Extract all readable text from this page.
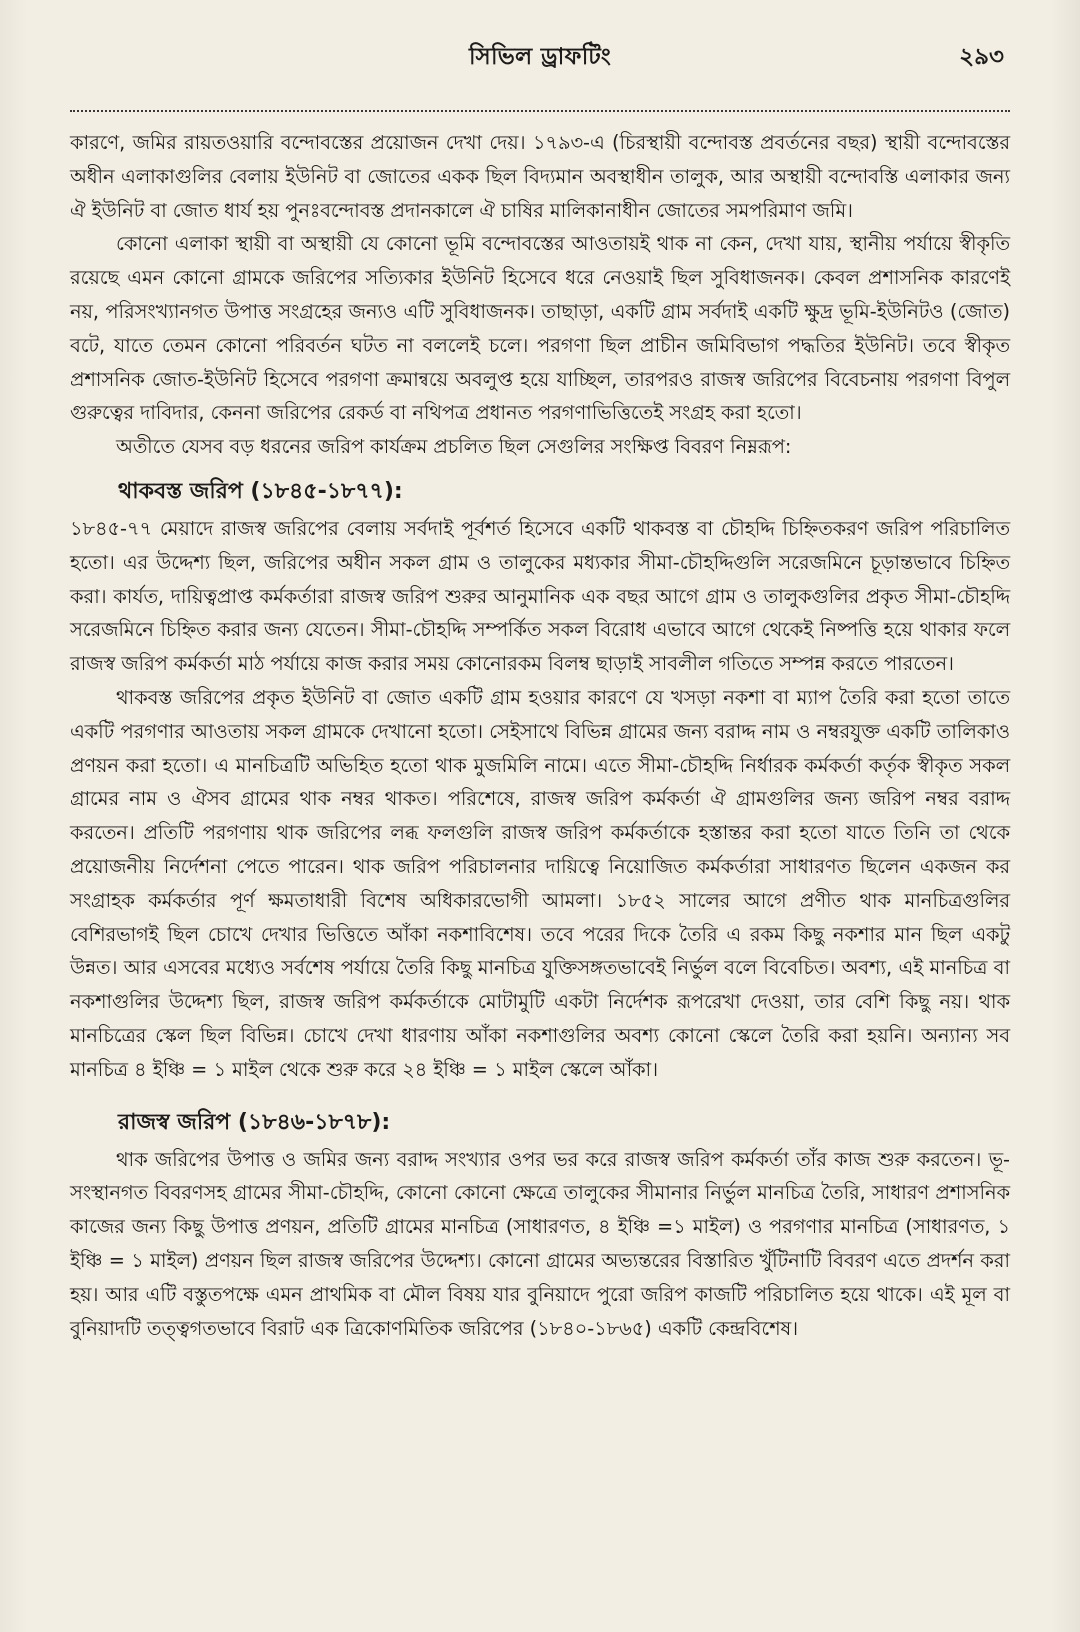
সিভিল ড্রাফটিং	২৯৩

কারণে, জমির রায়তওয়ারি বন্দোবস্তের প্রয়োজন দেখা দেয়। ১৭৯৩-এ (চিরস্থায়ী বন্দোবস্ত প্রবর্তনের বছর) স্থায়ী বন্দোবস্তের অধীন এলাকাগুলির বেলায় ইউনিট বা জোতের একক ছিল বিদ্যমান অবস্থাধীন তালুক, আর অস্থায়ী বন্দোবস্তি এলাকার জন্য ঐ ইউনিট বা জোত ধার্য হয় পুনঃবন্দোবস্ত প্রদানকালে ঐ চাষির মালিকানাধীন জোতের সমপরিমাণ জমি।

কোনো এলাকা স্থায়ী বা অস্থায়ী যে কোনো ভূমি বন্দোবস্তের আওতায়ই থাক না কেন, দেখা যায়, স্থানীয় পর্যায়ে স্বীকৃতি রয়েছে এমন কোনো গ্রামকে জরিপের সত্যিকার ইউনিট হিসেবে ধরে নেওয়াই ছিল সুবিধাজনক। কেবল প্রশাসনিক কারণেই নয়, পরিসংখ্যানগত উপাত্ত সংগ্রহের জন্যও এটি সুবিধাজনক। তাছাড়া, একটি গ্রাম সর্বদাই একটি ক্ষুদ্র ভূমি-ইউনিটও (জোত) বটে, যাতে তেমন কোনো পরিবর্তন ঘটত না বললেই চলে। পরগণা ছিল প্রাচীন জমিবিভাগ পদ্ধতির ইউনিট। তবে স্বীকৃত প্রশাসনিক জোত-ইউনিট হিসেবে পরগণা ক্রমান্বয়ে অবলুপ্ত হয়ে যাচ্ছিল, তারপরও রাজস্ব জরিপের বিবেচনায় পরগণা বিপুল গুরুত্বের দাবিদার, কেননা জরিপের রেকর্ড বা নথিপত্র প্রধানত পরগণাভিত্তিতেই সংগ্রহ করা হতো।

অতীতে যেসব বড় ধরনের জরিপ কার্যক্রম প্রচলিত ছিল সেগুলির সংক্ষিপ্ত বিবরণ নিম্নরূপ:

থাকবস্ত জরিপ (১৮৪৫-১৮৭৭):

১৮৪৫-৭৭ মেয়াদে রাজস্ব জরিপের বেলায় সর্বদাই পূর্বশর্ত হিসেবে একটি থাকবস্ত বা চৌহদ্দি চিহ্নিতকরণ জরিপ পরিচালিত হতো। এর উদ্দেশ্য ছিল, জরিপের অধীন সকল গ্রাম ও তালুকের মধ্যকার সীমা-চৌহদ্দিগুলি সরেজমিনে চূড়ান্তভাবে চিহ্নিত করা। কার্যত, দায়িত্বপ্রাপ্ত কর্মকর্তারা রাজস্ব জরিপ শুরুর আনুমানিক এক বছর আগে গ্রাম ও তালুকগুলির প্রকৃত সীমা-চৌহদ্দি সরেজমিনে চিহ্নিত করার জন্য যেতেন। সীমা-চৌহদ্দি সম্পর্কিত সকল বিরোধ এভাবে আগে থেকেই নিষ্পত্তি হয়ে থাকার ফলে রাজস্ব জরিপ কর্মকর্তা মাঠ পর্যায়ে কাজ করার সময় কোনোরকম বিলম্ব ছাড়াই সাবলীল গতিতে সম্পন্ন করতে পারতেন।

থাকবস্ত জরিপের প্রকৃত ইউনিট বা জোত একটি গ্রাম হওয়ার কারণে যে খসড়া নকশা বা ম্যাপ তৈরি করা হতো তাতে একটি পরগণার আওতায় সকল গ্রামকে দেখানো হতো। সেইসাথে বিভিন্ন গ্রামের জন্য বরাদ্দ নাম ও নম্বরযুক্ত একটি তালিকাও প্রণয়ন করা হতো। এ মানচিত্রটি অভিহিত হতো থাক মুজমিলি নামে। এতে সীমা-চৌহদ্দি নির্ধারক কর্মকর্তা কর্তৃক স্বীকৃত সকল গ্রামের নাম ও ঐসব গ্রামের থাক নম্বর থাকত। পরিশেষে, রাজস্ব জরিপ কর্মকর্তা ঐ গ্রামগুলির জন্য জরিপ নম্বর বরাদ্দ করতেন। প্রতিটি পরগণায় থাক জরিপের লব্ধ ফলগুলি রাজস্ব জরিপ কর্মকর্তাকে হস্তান্তর করা হতো যাতে তিনি তা থেকে প্রয়োজনীয় নির্দেশনা পেতে পারেন। থাক জরিপ পরিচালনার দায়িত্বে নিয়োজিত কর্মকর্তারা সাধারণত ছিলেন একজন কর সংগ্রাহক কর্মকর্তার পূর্ণ ক্ষমতাধারী বিশেষ অধিকারভোগী আমলা। ১৮৫২ সালের আগে প্রণীত থাক মানচিত্রগুলির বেশিরভাগই ছিল চোখে দেখার ভিত্তিতে আঁকা নকশাবিশেষ। তবে পরের দিকে তৈরি এ রকম কিছু নকশার মান ছিল একটু উন্নত। আর এসবের মধ্যেও সর্বশেষ পর্যায়ে তৈরি কিছু মানচিত্র যুক্তিসঙ্গতভাবেই নির্ভুল বলে বিবেচিত। অবশ্য, এই মানচিত্র বা নকশাগুলির উদ্দেশ্য ছিল, রাজস্ব জরিপ কর্মকর্তাকে মোটামুটি একটা নির্দেশক রূপরেখা দেওয়া, তার বেশি কিছু নয়। থাক মানচিত্রের স্কেল ছিল বিভিন্ন। চোখে দেখা ধারণায় আঁকা নকশাগুলির অবশ্য কোনো স্কেলে তৈরি করা হয়নি। অন্যান্য সব মানচিত্র ৪ ইঞ্চি = ১ মাইল থেকে শুরু করে ২৪ ইঞ্চি = ১ মাইল স্কেলে আঁকা।

রাজস্ব জরিপ (১৮৪৬-১৮৭৮):

থাক জরিপের উপাত্ত ও জমির জন্য বরাদ্দ সংখ্যার ওপর ভর করে রাজস্ব জরিপ কর্মকর্তা তাঁর কাজ শুরু করতেন। ভূ-সংস্থানগত বিবরণসহ গ্রামের সীমা-চৌহদ্দি, কোনো কোনো ক্ষেত্রে তালুকের সীমানার নির্ভুল মানচিত্র তৈরি, সাধারণ প্রশাসনিক কাজের জন্য কিছু উপাত্ত প্রণয়ন, প্রতিটি গ্রামের মানচিত্র (সাধারণত, ৪ ইঞ্চি =১ মাইল) ও পরগণার মানচিত্র (সাধারণত, ১ ইঞ্চি = ১ মাইল) প্রণয়ন ছিল রাজস্ব জরিপের উদ্দেশ্য। কোনো গ্রামের অভ্যন্তরের বিস্তারিত খুঁটিনাটি বিবরণ এতে প্রদর্শন করা হয়। আর এটি বস্তুতপক্ষে এমন প্রাথমিক বা মৌল বিষয় যার বুনিয়াদে পুরো জরিপ কাজটি পরিচালিত হয়ে থাকে। এই মূল বা বুনিয়াদটি তত্ত্বগতভাবে বিরাট এক ত্রিকোণমিতিক জরিপের (১৮৪০-১৮৬৫) একটি কেন্দ্রবিশেষ।
